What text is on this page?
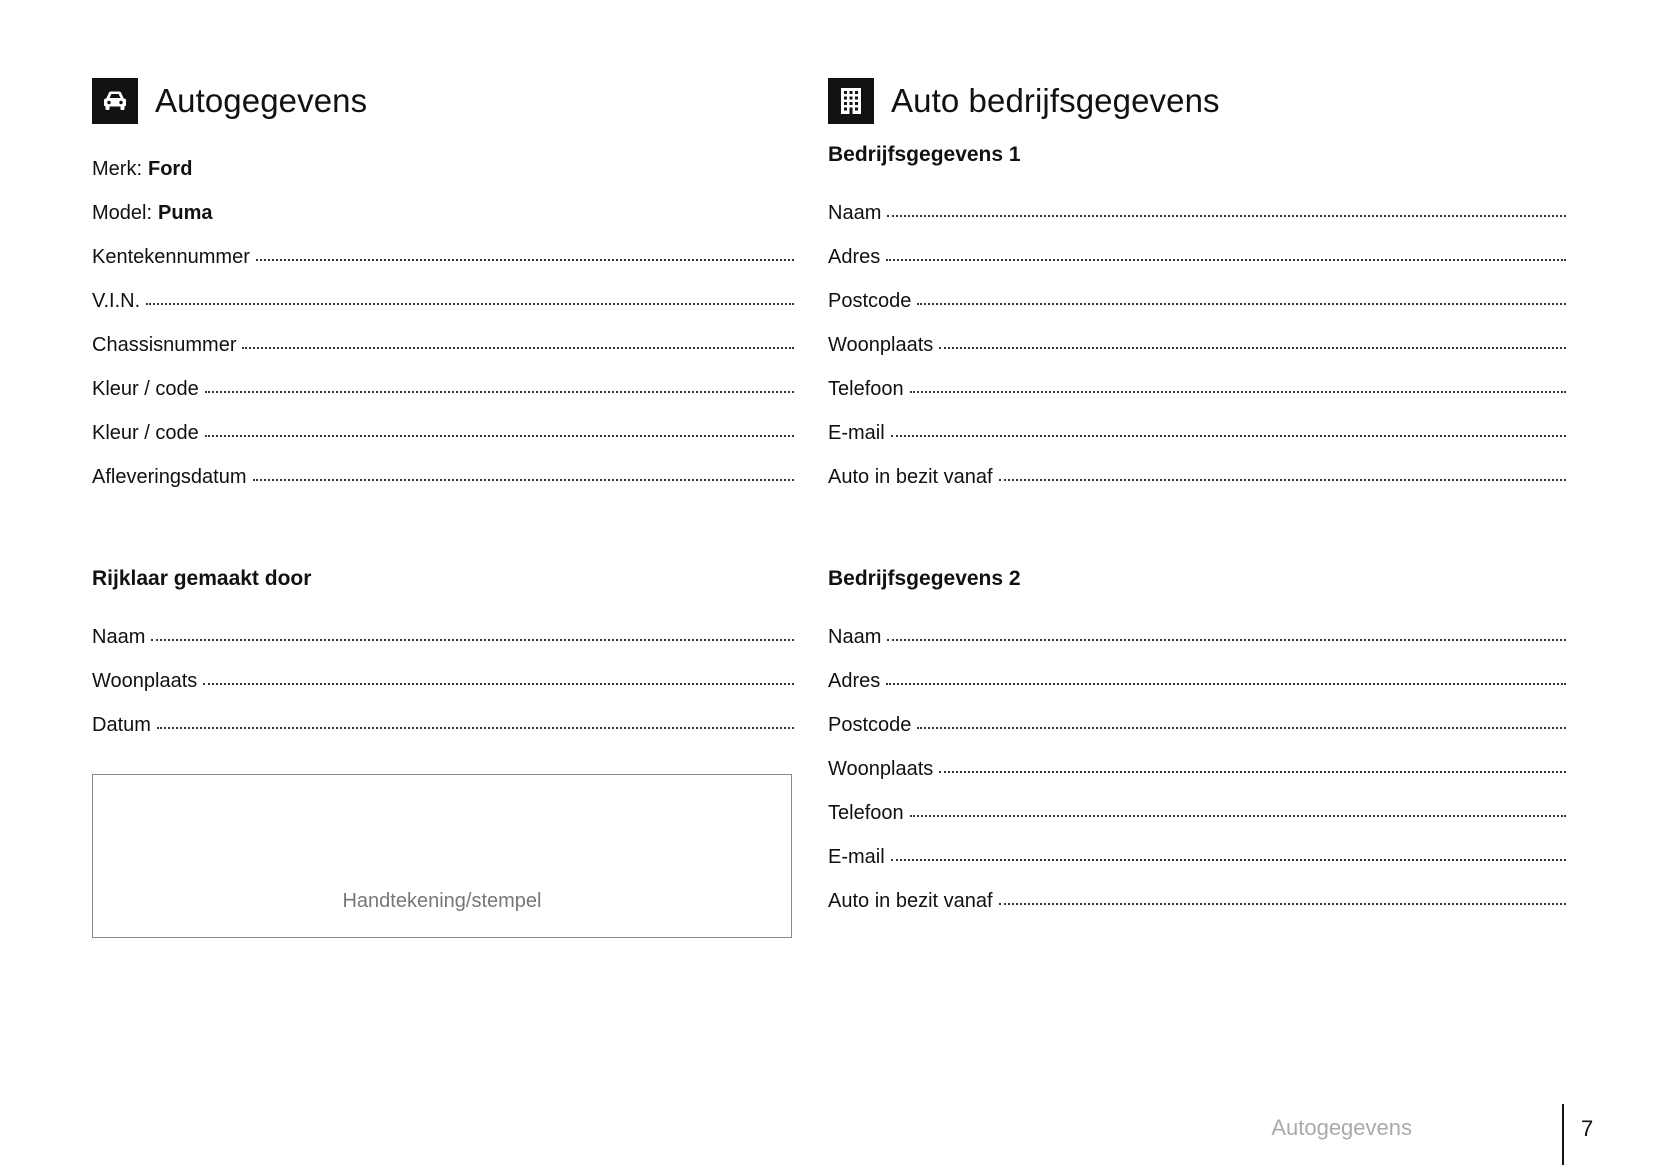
Autogegevens
Merk: Ford
Model: Puma
Kentekennummer
V.I.N.
Chassisnummer
Kleur / code
Kleur / code
Afleveringsdatum
Rijklaar gemaakt door
Naam
Woonplaats
Datum
Handtekening/stempel
Auto bedrijfsgegevens
Bedrijfsgegevens 1
Naam
Adres
Postcode
Woonplaats
Telefoon
E-mail
Auto in bezit vanaf
Bedrijfsgegevens 2
Naam
Adres
Postcode
Woonplaats
Telefoon
E-mail
Auto in bezit vanaf
Autogegevens	7
